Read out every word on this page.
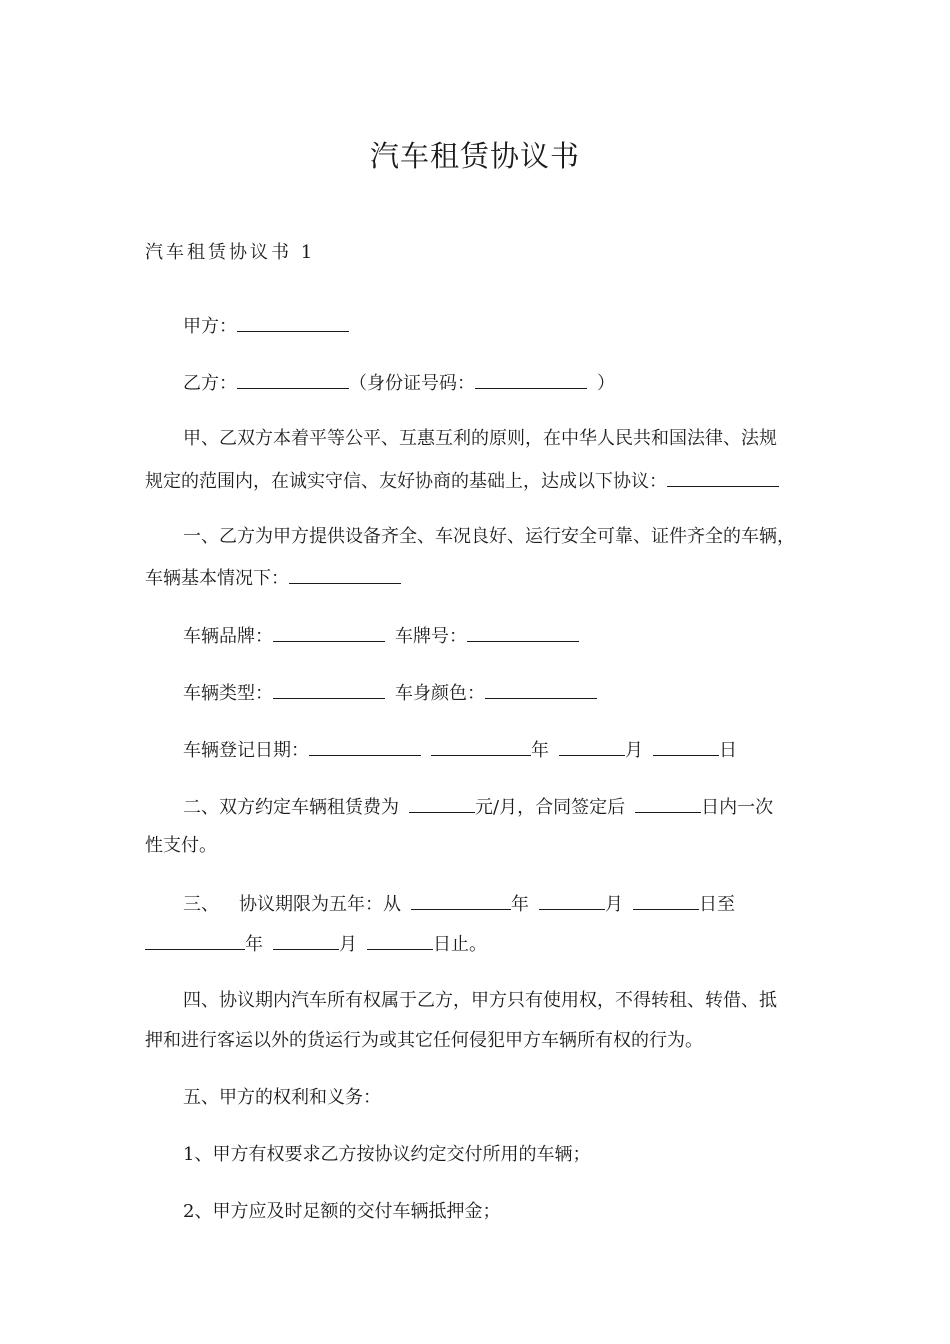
汽车租赁协议书
汽车租赁协议书 1
甲方：
乙方：	（身份证号码：	）
甲、乙双方本着平等公平、互惠互利的原则，在中华人民共和国法律、法规
规定的范围内，在诚实守信、友好协商的基础上，达成以下协议：
一、乙方为甲方提供设备齐全、车况良好、运行安全可靠、证件齐全的车辆，
车辆基本情况下：
车辆品牌：	车牌号：
车辆类型：	车身颜色：
车辆登记日期：	年	月	日
二、双方约定车辆租赁费为	元/月，合同签定后	日内一次
性支付。
三、 协议期限为五年：从	年	月	日至
年	月	日止。
四、协议期内汽车所有权属于乙方，甲方只有使用权，不得转租、转借、抵
押和进行客运以外的货运行为或其它任何侵犯甲方车辆所有权的行为。
五、甲方的权利和义务：
1、甲方有权要求乙方按协议约定交付所用的车辆；
2、甲方应及时足额的交付车辆抵押金；
